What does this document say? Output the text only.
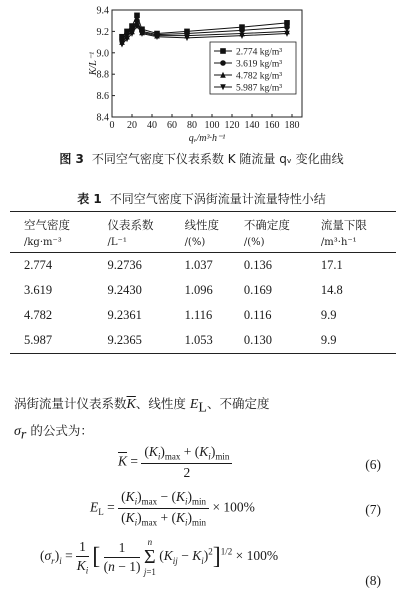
8.4
8.6
8.8
9.0
9.2
9.4
0 20 40 60 80 100 120 140 160 180
K/L⁻¹
qᵥ/m³·h⁻¹
2.774 kg/m³
3.619 kg/m³
4.782 kg/m³
5.987 kg/m³
图 3 不同空气密度下仪表系数 K 随流量 qᵥ 变化曲线
表 1 不同空气密度下涡街流量计流量特性小结
空气密度	仪表系数	线性度	不确定度	流量下限
/kg·m⁻³	/L⁻¹	/(%)	/(%)	/m³·h⁻¹
2.774	9.2736	1.037	0.136	17.1
3.619	9.2430	1.096	0.169	14.8
4.782	9.2361	1.116	0.116	9.9
5.987	9.2365	1.053	0.130	9.9
涡街流量计仪表系数$\overline{K}$、线性度 $E_L$、不确定度
$\sigma_r$ 的公式为：
$\overline{K} = \frac{(K_i)_{max} + (K_i)_{min}}{2}$	(6)
$E_L = \frac{(K_i)_{max} - (K_i)_{min}}{(K_i)_{max} + (K_i)_{min}} \times 100\%$	(7)
$(\sigma_r)_i = \frac{1}{K_i}$ [ $\frac{1}{(n - 1)}$ n
Σ
j=1 $(K_{ij} - K_i)^2]^{1/2} \times 100\%$
(8)
